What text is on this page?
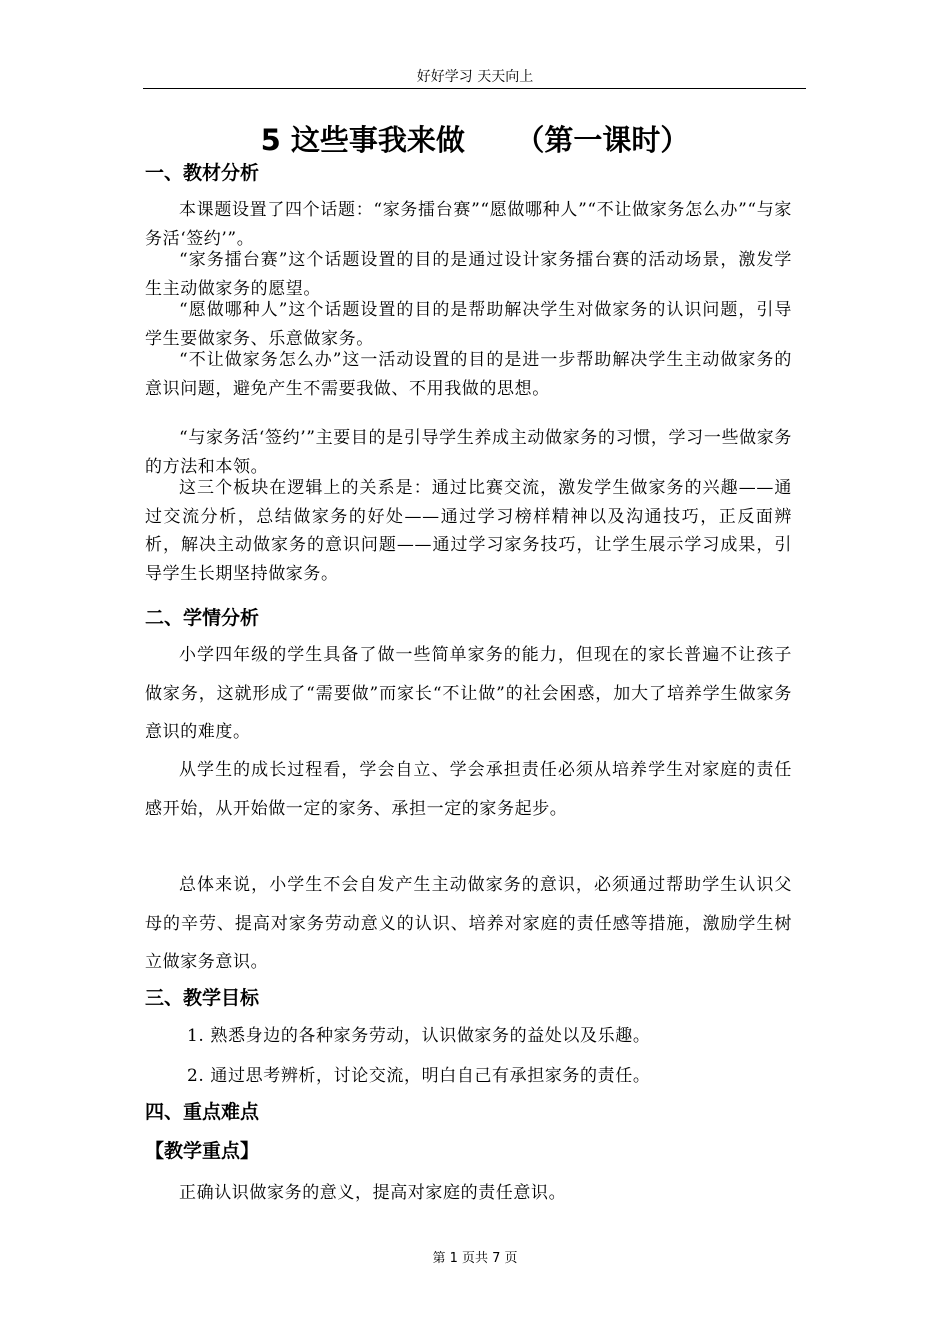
好好学习 天天向上
5 这些事我来做     （第一课时）
一、教材分析

本课题设置了四个话题：“家务擂台赛”“愿做哪种人”“不让做家务怎么办”“与家务活‘签约’”。

“家务擂台赛”这个话题设置的目的是通过设计家务擂台赛的活动场景，激发学生主动做家务的愿望。

“愿做哪种人”这个话题设置的目的是帮助解决学生对做家务的认识问题，引导学生要做家务、乐意做家务。

“不让做家务怎么办”这一活动设置的目的是进一步帮助解决学生主动做家务的意识问题，避免产生不需要我做、不用我做的思想。

“与家务活‘签约’”主要目的是引导学生养成主动做家务的习惯，学习一些做家务的方法和本领。

这三个板块在逻辑上的关系是：通过比赛交流，激发学生做家务的兴趣——通过交流分析，总结做家务的好处——通过学习榜样精神以及沟通技巧，正反面辨析，解决主动做家务的意识问题——通过学习家务技巧，让学生展示学习成果，引导学生长期坚持做家务。

二、学情分析

小学四年级的学生具备了做一些简单家务的能力，但现在的家长普遍不让孩子做家务，这就形成了“需要做”而家长“不让做”的社会困惑，加大了培养学生做家务意识的难度。

从学生的成长过程看，学会自立、学会承担责任必须从培养学生对家庭的责任感开始，从开始做一定的家务、承担一定的家务起步。

总体来说，小学生不会自发产生主动做家务的意识，必须通过帮助学生认识父母的辛劳、提高对家务劳动意义的认识、培养对家庭的责任感等措施，激励学生树立做家务意识。

三、教学目标
1. 熟悉身边的各种家务劳动，认识做家务的益处以及乐趣。
2. 通过思考辨析，讨论交流，明白自己有承担家务的责任。
四、重点难点
【教学重点】

正确认识做家务的意义，提高对家庭的责任意识。

第 1 页共 7 页
